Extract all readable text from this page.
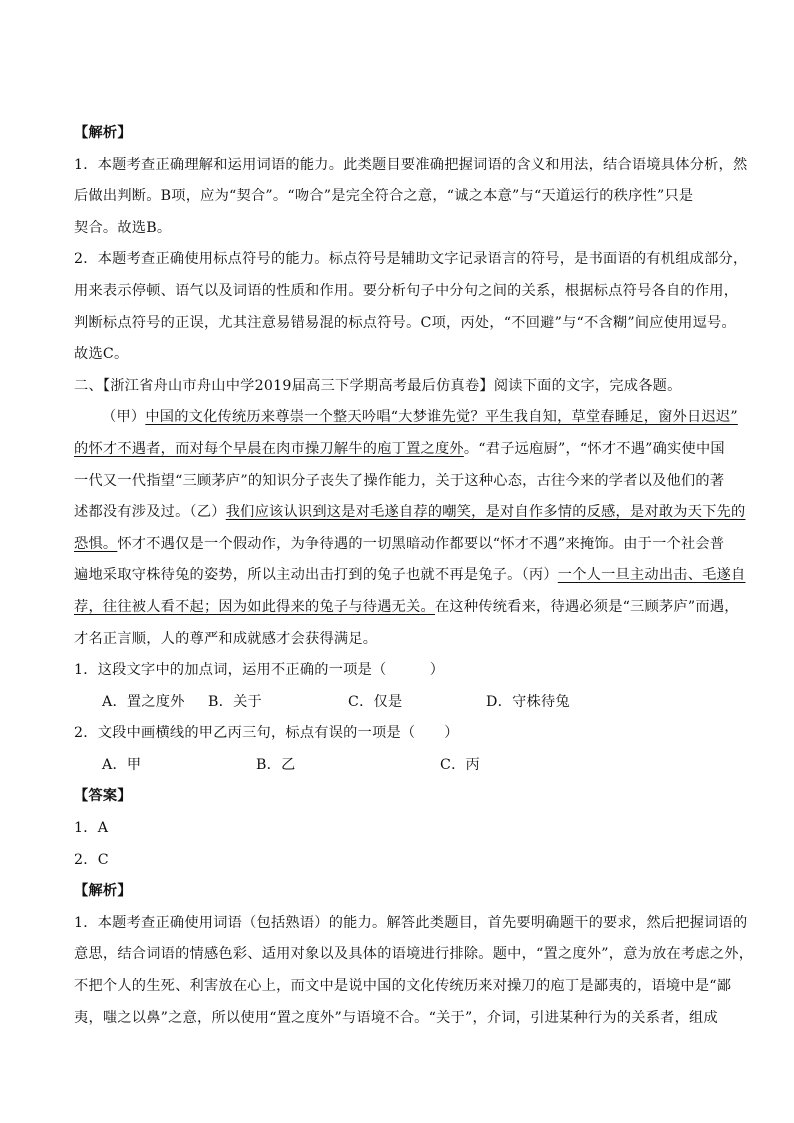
【解析】
1．本题考查正确理解和运用词语的能力。此类题目要准确把握词语的含义和用法，结合语境具体分析，然
后做出判断。B项，应为“契合”。“吻合”是完全符合之意，“诚之本意”与“天道运行的秩序性”只是
契合。故选B。
2．本题考查正确使用标点符号的能力。标点符号是辅助文字记录语言的符号，是书面语的有机组成部分，
用来表示停顿、语气以及词语的性质和作用。要分析句子中分句之间的关系，根据标点符号各自的作用，
判断标点符号的正误，尤其注意易错易混的标点符号。C项，丙处，“不回避”与“不含糊”间应使用逗号。
故选C。
二、【浙江省舟山市舟山中学2019届高三下学期高考最后仿真卷】阅读下面的文字，完成各题。
（甲）中国的文化传统历来尊崇一个整天吟唱“大梦谁先觉？平生我自知，草堂春睡足，窗外日迟迟”
的怀才不遇者，而对每个早晨在肉市操刀解牛的庖丁置之度外。“君子远庖厨”，“怀才不遇”确实使中国
一代又一代指望“三顾茅庐”的知识分子丧失了操作能力，关于这种心态，古往今来的学者以及他们的著
述都没有涉及过。（乙）我们应该认识到这是对毛遂自荐的嘲笑，是对自作多情的反感，是对敢为天下先的
恐惧。怀才不遇仅是一个假动作，为争待遇的一切黑暗动作都要以“怀才不遇”来掩饰。由于一个社会普
遍地采取守株待兔的姿势，所以主动出击打到的兔子也就不再是兔子。（丙）一个人一旦主动出击、毛遂自
荐，往往被人看不起；因为如此得来的兔子与待遇无关。在这种传统看来，待遇必须是“三顾茅庐”而遇，
才名正言顺，人的尊严和成就感才会获得满足。
1．这段文字中的加点词，运用不正确的一项是（　　　）
A．置之度外 B．关于	C．仅是	D．守株待兔
2．文段中画横线的甲乙丙三句，标点有误的一项是（　　）
A．甲	B．乙	C．丙
【答案】
1．A
2．C
【解析】
1．本题考查正确使用词语（包括熟语）的能力。解答此类题目，首先要明确题干的要求，然后把握词语的
意思，结合词语的情感色彩、适用对象以及具体的语境进行排除。题中，“置之度外”，意为放在考虑之外，
不把个人的生死、利害放在心上，而文中是说中国的文化传统历来对操刀的庖丁是鄙夷的，语境中是“鄙
夷，嗤之以鼻”之意，所以使用“置之度外”与语境不合。“关于”，介词，引进某种行为的关系者，组成
